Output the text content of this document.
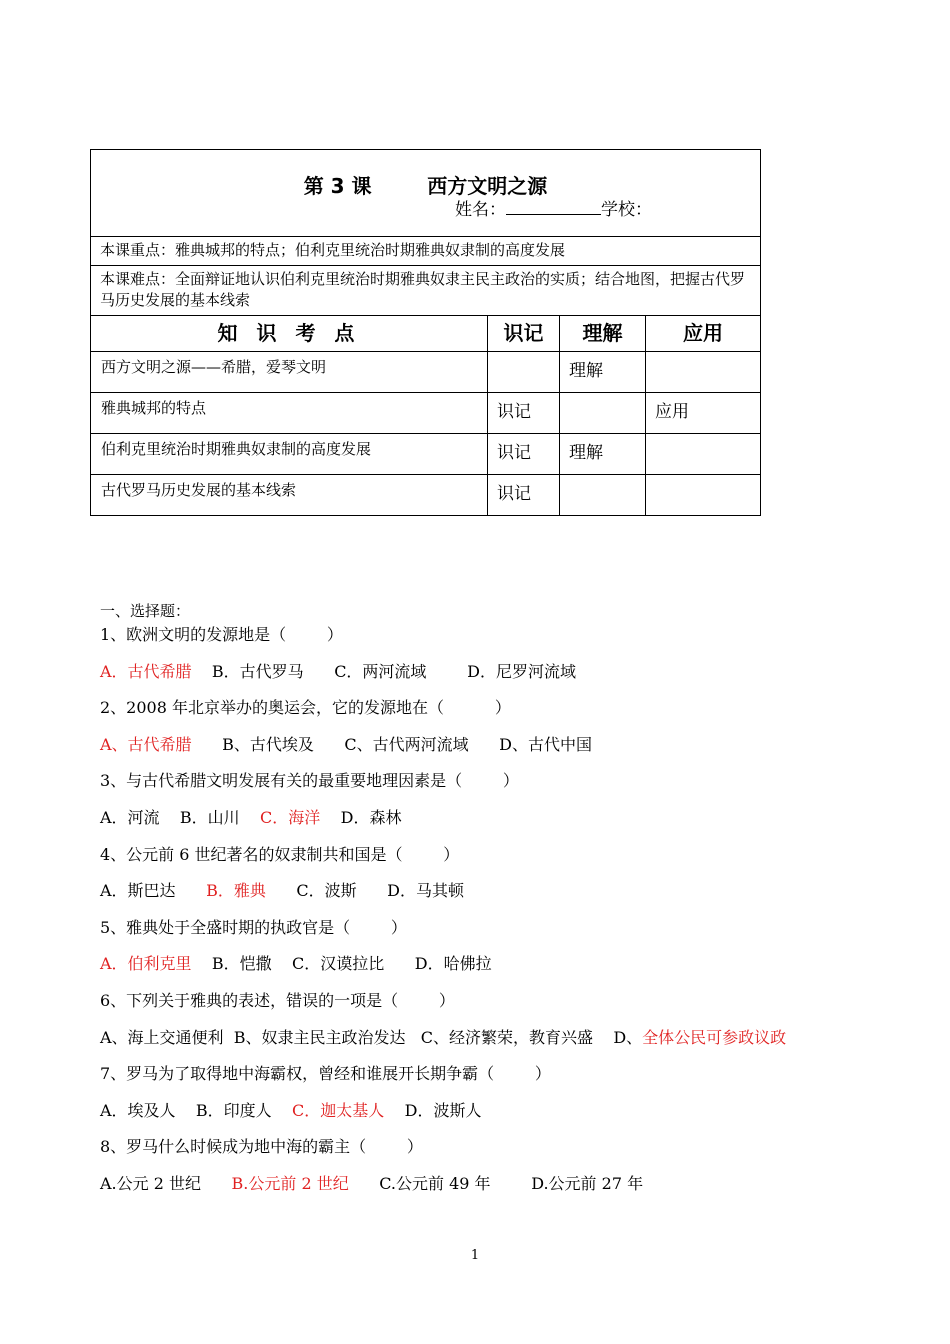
第 3 课        西方文明之源
姓名： 学校：			

本课重点：雅典城邦的特点；伯利克里统治时期雅典奴隶制的高度发展			
本课难点：全面辩证地认识伯利克里统治时期雅典奴隶主民主政治的实质；结合地图，把握古代罗马历史发展的基本线索			
知 识 考 点	识记	理解	应用
西方文明之源——希腊，爱琴文明		理解	
雅典城邦的特点	识记		应用
伯利克里统治时期雅典奴隶制的高度发展	识记	理解	
古代罗马历史发展的基本线索	识记		
一、选择题：
1、欧洲文明的发源地是（        ）
A．古代希腊    B．古代罗马      C．两河流域        D．尼罗河流域
2、2008 年北京举办的奥运会，它的发源地在（          ）
A、古代希腊      B、古代埃及      C、古代两河流域      D、古代中国
3、与古代希腊文明发展有关的最重要地理因素是（        ）
A．河流    B．山川    C．海洋    D．森林
4、公元前 6 世纪著名的奴隶制共和国是（        ）
A．斯巴达      B．雅典      C．波斯      D．马其顿
5、雅典处于全盛时期的执政官是（        ）
A．伯利克里    B．恺撒    C．汉谟拉比      D．哈佛拉
6、下列关于雅典的表述，错误的一项是（        ）
A、海上交通便利  B、奴隶主民主政治发达   C、经济繁荣，教育兴盛    D、全体公民可参政议政
7、罗马为了取得地中海霸权，曾经和谁展开长期争霸（        ）
A．埃及人    B．印度人    C．迦太基人    D．波斯人
8、罗马什么时候成为地中海的霸主（        ）
A.公元 2 世纪      B.公元前 2 世纪      C.公元前 49 年        D.公元前 27 年
1
